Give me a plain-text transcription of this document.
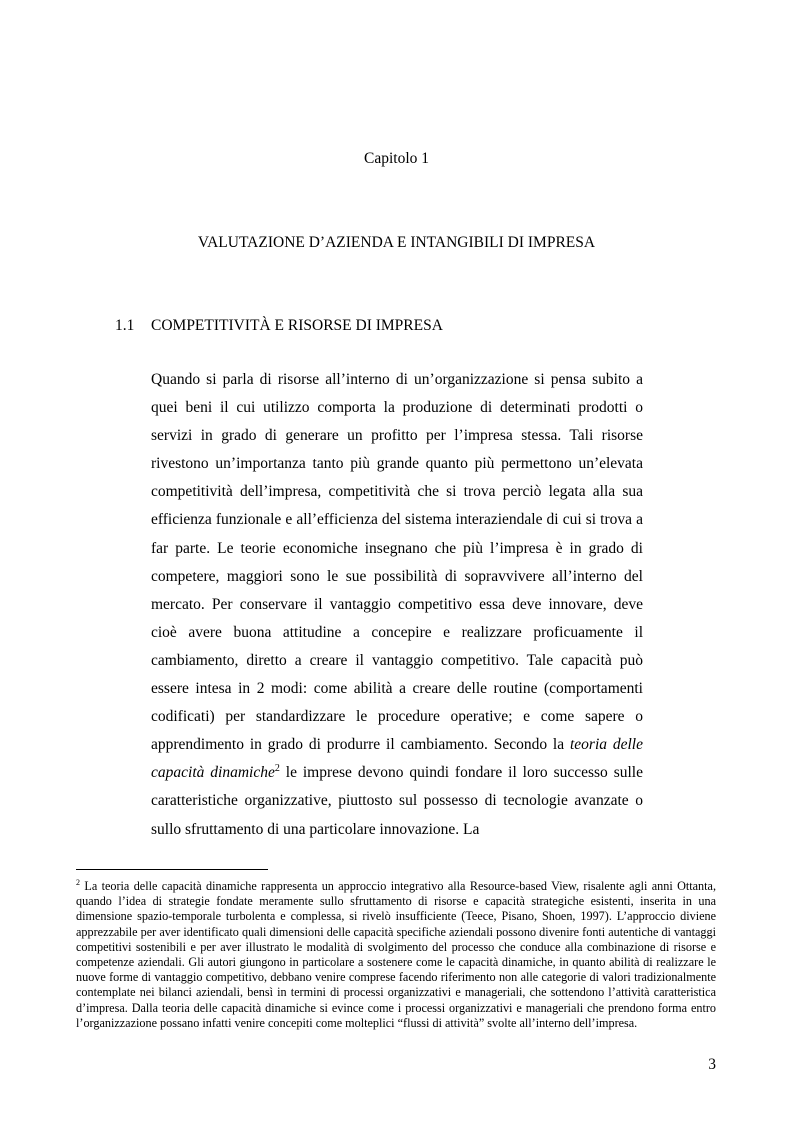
Capitolo 1
VALUTAZIONE D’AZIENDA E INTANGIBILI DI IMPRESA
1.1 COMPETITIVITÀ E RISORSE DI IMPRESA

Quando si parla di risorse all’interno di un’organizzazione si pensa subito a quei beni il cui utilizzo comporta la produzione di determinati prodotti o servizi in grado di generare un profitto per l’impresa stessa. Tali risorse rivestono un’importanza tanto più grande quanto più permettono un’elevata competitività dell’impresa, competitività che si trova perciò legata alla sua efficienza funzionale e all’efficienza del sistema interaziendale di cui si trova a far parte. Le teorie economiche insegnano che più l’impresa è in grado di competere, maggiori sono le sue possibilità di sopravvivere all’interno del mercato. Per conservare il vantaggio competitivo essa deve innovare, deve cioè avere buona attitudine a concepire e realizzare proficuamente il cambiamento, diretto a creare il vantaggio competitivo. Tale capacità può essere intesa in 2 modi: come abilità a creare delle routine (comportamenti codificati) per standardizzare le procedure operative; e come sapere o apprendimento in grado di produrre il cambiamento. Secondo la teoria delle capacità dinamiche$^2$ le imprese devono quindi fondare il loro successo sulle caratteristiche organizzative, piuttosto sul possesso di tecnologie avanzate o sullo sfruttamento di una particolare innovazione. La

$^2$ La teoria delle capacità dinamiche rappresenta un approccio integrativo alla Resource-based View, risalente agli anni Ottanta, quando l’idea di strategie fondate meramente sullo sfruttamento di risorse e capacità strategiche esistenti, inserita in una dimensione spazio-temporale turbolenta e complessa, si rivelò insufficiente (Teece, Pisano, Shoen, 1997). L’approccio diviene apprezzabile per aver identificato quali dimensioni delle capacità specifiche aziendali possono divenire fonti autentiche di vantaggi competitivi sostenibili e per aver illustrato le modalità di svolgimento del processo che conduce alla combinazione di risorse e competenze aziendali. Gli autori giungono in particolare a sostenere come le capacità dinamiche, in quanto abilità di realizzare le nuove forme di vantaggio competitivo, debbano venire comprese facendo riferimento non alle categorie di valori tradizionalmente contemplate nei bilanci aziendali, bensì in termini di processi organizzativi e manageriali, che sottendono l’attività caratteristica d’impresa. Dalla teoria delle capacità dinamiche si evince come i processi organizzativi e manageriali che prendono forma entro l’organizzazione possano infatti venire concepiti come molteplici “flussi di attività” svolte all’interno dell’impresa.

3
